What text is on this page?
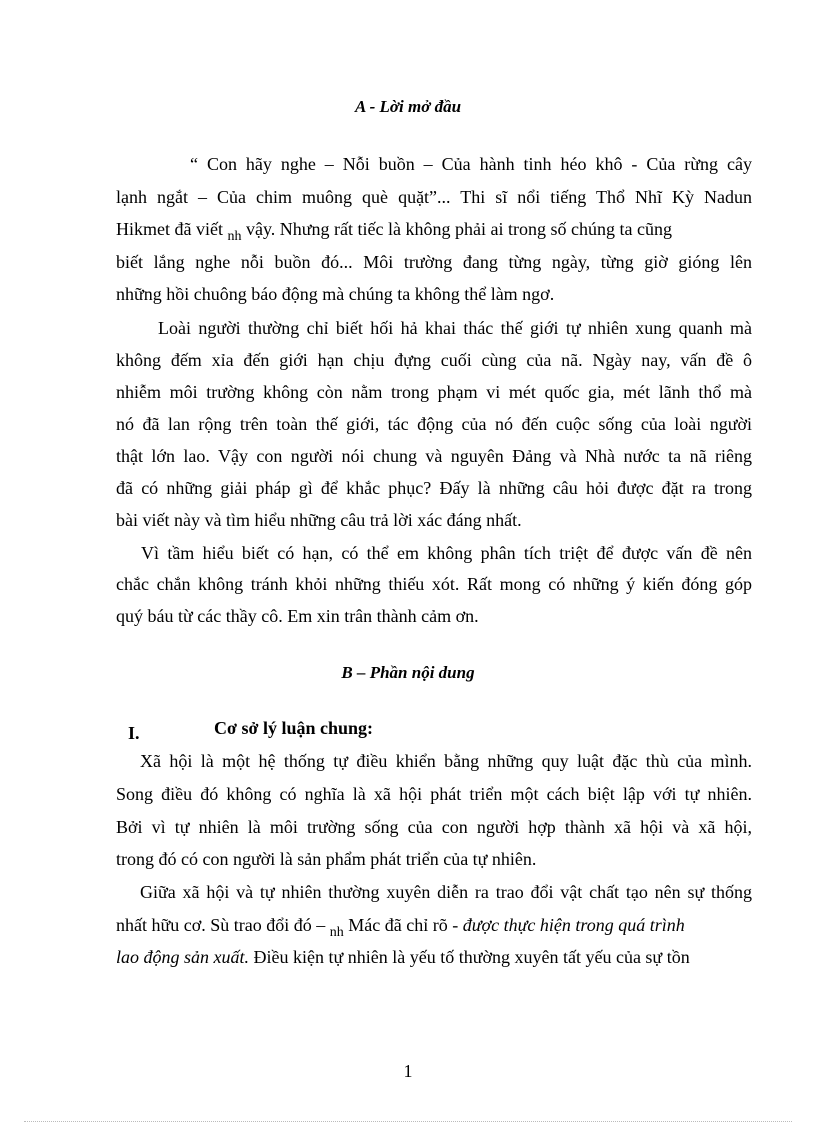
A - Lời mở đầu
“ Con hãy nghe – Nỗi buồn – Của hành tinh héo khô - Của rừng cây
lạnh ngắt – Của chim muông què quặt”... Thi sĩ nổi tiếng Thổ Nhĩ Kỳ Nadun
Hikmet đã viết $_{nh}$ vậy. Nhưng rất tiếc là không phải ai trong số chúng ta cũng
biết lắng nghe nỗi buồn đó... Môi trường đang từng ngày, từng giờ gióng lên
những hồi chuông báo động mà chúng ta không thể làm ngơ.
Loài người thường chỉ biết hối hả khai thác thế giới tự nhiên xung quanh mà
không đếm xỉa đến giới hạn chịu đựng cuối cùng của nã. Ngày nay, vấn đề ô
nhiễm môi trường không còn nằm trong phạm vi mét quốc gia, mét lãnh thổ mà
nó đã lan rộng trên toàn thế giới, tác động của nó đến cuộc sống của loài người
thật lớn lao. Vậy con người nói chung và nguyên Đảng và Nhà nước ta nã riêng
đã có những giải pháp gì để khắc phục? Đấy là những câu hỏi được đặt ra trong
bài viết này và tìm hiểu những câu trả lời xác đáng nhất.
Vì tầm hiểu biết có hạn, có thể em không phân tích triệt để được vấn đề nên
chắc chắn không tránh khỏi những thiếu xót. Rất mong có những ý kiến đóng góp
quý báu từ các thầy cô. Em xin trân thành cảm ơn.
B – Phần nội dung
I.	Cơ sở lý luận chung:
Xã hội là một hệ thống tự điều khiển bằng những quy luật đặc thù của mình.
Song điều đó không có nghĩa là xã hội phát triển một cách biệt lập với tự nhiên.
Bởi vì tự nhiên là môi trường sống của con người hợp thành xã hội và xã hội,
trong đó có con người là sản phẩm phát triển của tự nhiên.
Giữa xã hội và tự nhiên thường xuyên diễn ra trao đổi vật chất tạo nên sự thống
nhất hữu cơ. Sù trao đổi đó – $_{nh}$ Mác đã chỉ rõ - được thực hiện trong quá trình
lao động sản xuất. Điều kiện tự nhiên là yếu tố thường xuyên tất yếu của sự tồn
1
